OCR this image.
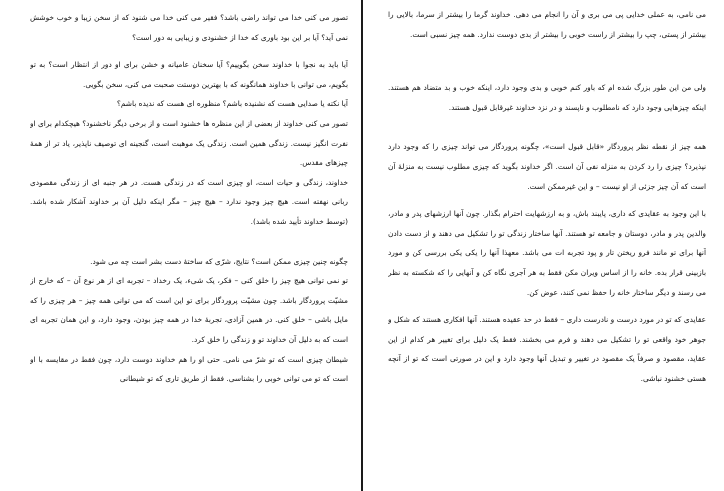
تصور می کنی خدا می تواند راضی باشد؟ فقیر می کنی خدا می شنود که از سخن زیبا و خوب خوشش نمی آید؟ آیا بر این بود باوری که خدا از خشنودی و زیبایی به دور است؟

آیا باید به نجوا با خداوند سخن بگوییم؟ آیا سخنان عامیانه و خشن برای او دور از انتظار است؟ به تو بگویم، می توانی با خداوند همانگونه که با بهترین دوستت صحبت می کنی، سخن بگویی.

آیا نکته یا صدایی هست که نشنیده باشم؟ منظوره ای هست که ندیده باشم؟

تصور می کنی خداوند از بعضی از این منظره ها خشنود است و از برخی دیگر ناخشنود؟ هیچکدام برای او نفرت انگیز نیست. زندگی همین است. زندگی یک موهبت است، گنجینه ای توصیف ناپذیر، یاد تر از همهٔ چیزهای مقدس.

خداوند، زندگی و حیات است، او چیزی است که در زندگی هست. در هر جنبه ای از زندگی مقصودی ربانی نهفته است. هیچ چیز وجود ندارد – هیچ چیز – مگر اینکه دلیل آن بر خداوند آشکار شده باشد. (توسط خداوند تأیید شده باشد).

چگونه چنین چیزی ممکن است؟ نتایج، شرّی که ساختهٔ دست بشر است چه می شود.

تو نمی توانی هیچ چیز را خلق کنی – فکر، یک شیء، یک رخداد – تجربه ای از هر نوع آن – که خارج از مشیّت پروردگار باشد. چون مشیّت پروردگار برای تو این است که می توانی همه چیز – هر چیزی را که مایل باشی – خلق کنی. در همین آزادی، تجربهٔ خدا در همه چیز بودن، وجود دارد، و این همان تجربه ای است که به دلیل آن خداوند تو و زندگی را خلق کرد.

شیطان چیزی است که تو شرّ می نامی. حتی او را هم خداوند دوست دارد، چون فقط در مقایسه با او است که تو می توانی خوبی را بشناسی. فقط از طریق تاری که تو شیطانی

می نامی، به عملی خدایی پی می بری و آن را انجام می دهی. خداوند گرما را بیشتر از سرما، بالایی را بیشتر از پستی، چپ را بیشتر از راست خوبی را بیشتر از بدی دوست ندارد. همه چیز نسبی است.

ولی من این طور بزرگ شده ام که باور کنم خوبی و بدی وجود دارد، اینکه خوب و بد متضاد هم هستند. اینکه چیزهایی وجود دارد که نامطلوب و ناپسند و در نزد خداوند غیرقابل قبول هستند.

همه چیز از نقطه نظر پروردگار «قابل قبول است»، چگونه پروردگار می تواند چیزی را که وجود دارد نپذیرد؟ چیزی را رد کردن به منزله نفی آن است. اگر خداوند بگوید که چیزی مطلوب نیست به منزلهٔ آن است که آن چیز جزئی از او نیست – و این غیرممکن است.

با این وجود به عقایدی که داری، پایبند باش، و به ارزشهایت احترام بگذار. چون آنها ارزشهای پدر و مادر، والدین پدر و مادر، دوستان و جامعه تو هستند. آنها ساختار زندگی تو را تشکیل می دهند و از دست دادن آنها برای تو مانند فرو ریختن تار و پود تجربه ات می باشد. معهذا آنها را یکی یکی بررسی کن و مورد بازبینی قرار بده. خانه را از اساس ویران مکن فقط به هر آجری نگاه کن و آنهایی را که شکسته به نظر می رسند و دیگر ساختار خانه را حفظ نمی کنند، عوض کن.

عقایدی که تو در مورد درست و نادرست داری – فقط در حد عقیده هستند. آنها افکاری هستند که شکل و جوهر خود واقعی تو را تشکیل می دهند و فرم می بخشند. فقط یک دلیل برای تغییر هر کدام از این عقاید، مقصود و صرفاً یک مقصود در تغییر و تبدیل آنها وجود دارد و این در صورتی است که تو از آنچه هستی خشنود نباشی.
